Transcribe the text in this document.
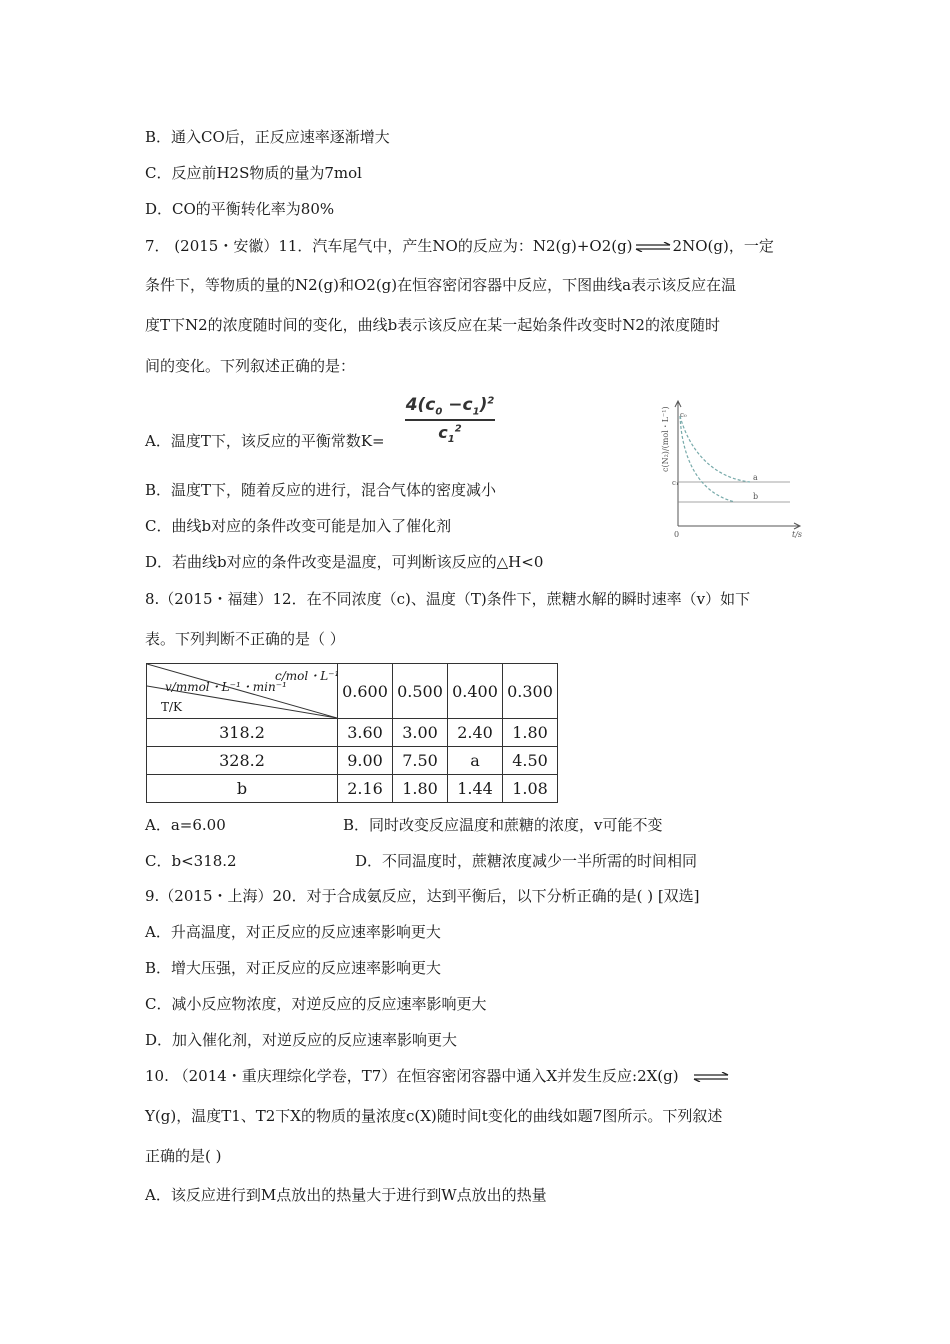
B．通入CO后，正反应速率逐渐增大
C．反应前H2S物质的量为7mol
D．CO的平衡转化率为80%
7． (2015・安徽）11．汽车尾气中，产生NO的反应为：N2(g)+O2(g) ⇌ 2NO(g)，一定
条件下，等物质的量的N2(g)和O2(g)在恒容密闭容器中反应，下图曲线a表示该反应在温
度T下N2的浓度随时间的变化，曲线b表示该反应在某一起始条件改变时N2的浓度随时
间的变化。下列叙述正确的是：
$\frac{4(c_0 -c_1)^2}{c_1^2}$
A．温度T下，该反应的平衡常数K=
B．温度T下，随着反应的进行，混合气体的密度减小
C．曲线b对应的条件改变可能是加入了催化剂
D．若曲线b对应的条件改变是温度，可判断该反应的△H<0
c(N₂)/(mol・L⁻¹) c₀
c₁
a
b
0	t/s
8.（2015・福建）12．在不同浓度（c)、温度（T)条件下，蔗糖水解的瞬时速率（v）如下
表。下列判断不正确的是（ ）
c/mol・L⁻¹
v/mmol・L⁻¹・min⁻¹
T/K	0.600	0.500	0.400	0.300
318.2	3.60	3.00	2.40	1.80
328.2	9.00	7.50	a	4.50
b	2.16	1.80	1.44	1.08
A．a=6.00	B．同时改变反应温度和蔗糖的浓度，v可能不变
C．b<318.2	D．不同温度时，蔗糖浓度减少一半所需的时间相同
9.（2015・上海）20．对于合成氨反应，达到平衡后，以下分析正确的是( ) [双选]
A．升高温度，对正反应的反应速率影响更大
B．增大压强，对正反应的反应速率影响更大
C．减小反应物浓度，对逆反应的反应速率影响更大
D．加入催化剂，对逆反应的反应速率影响更大
10. （2014・重庆理综化学卷，T7）在恒容密闭容器中通入X并发生反应:2X(g) ⇌
Y(g)，温度T1、T2下X的物质的量浓度c(X)随时间t变化的曲线如题7图所示。下列叙述
正确的是( )
A．该反应进行到M点放出的热量大于进行到W点放出的热量
